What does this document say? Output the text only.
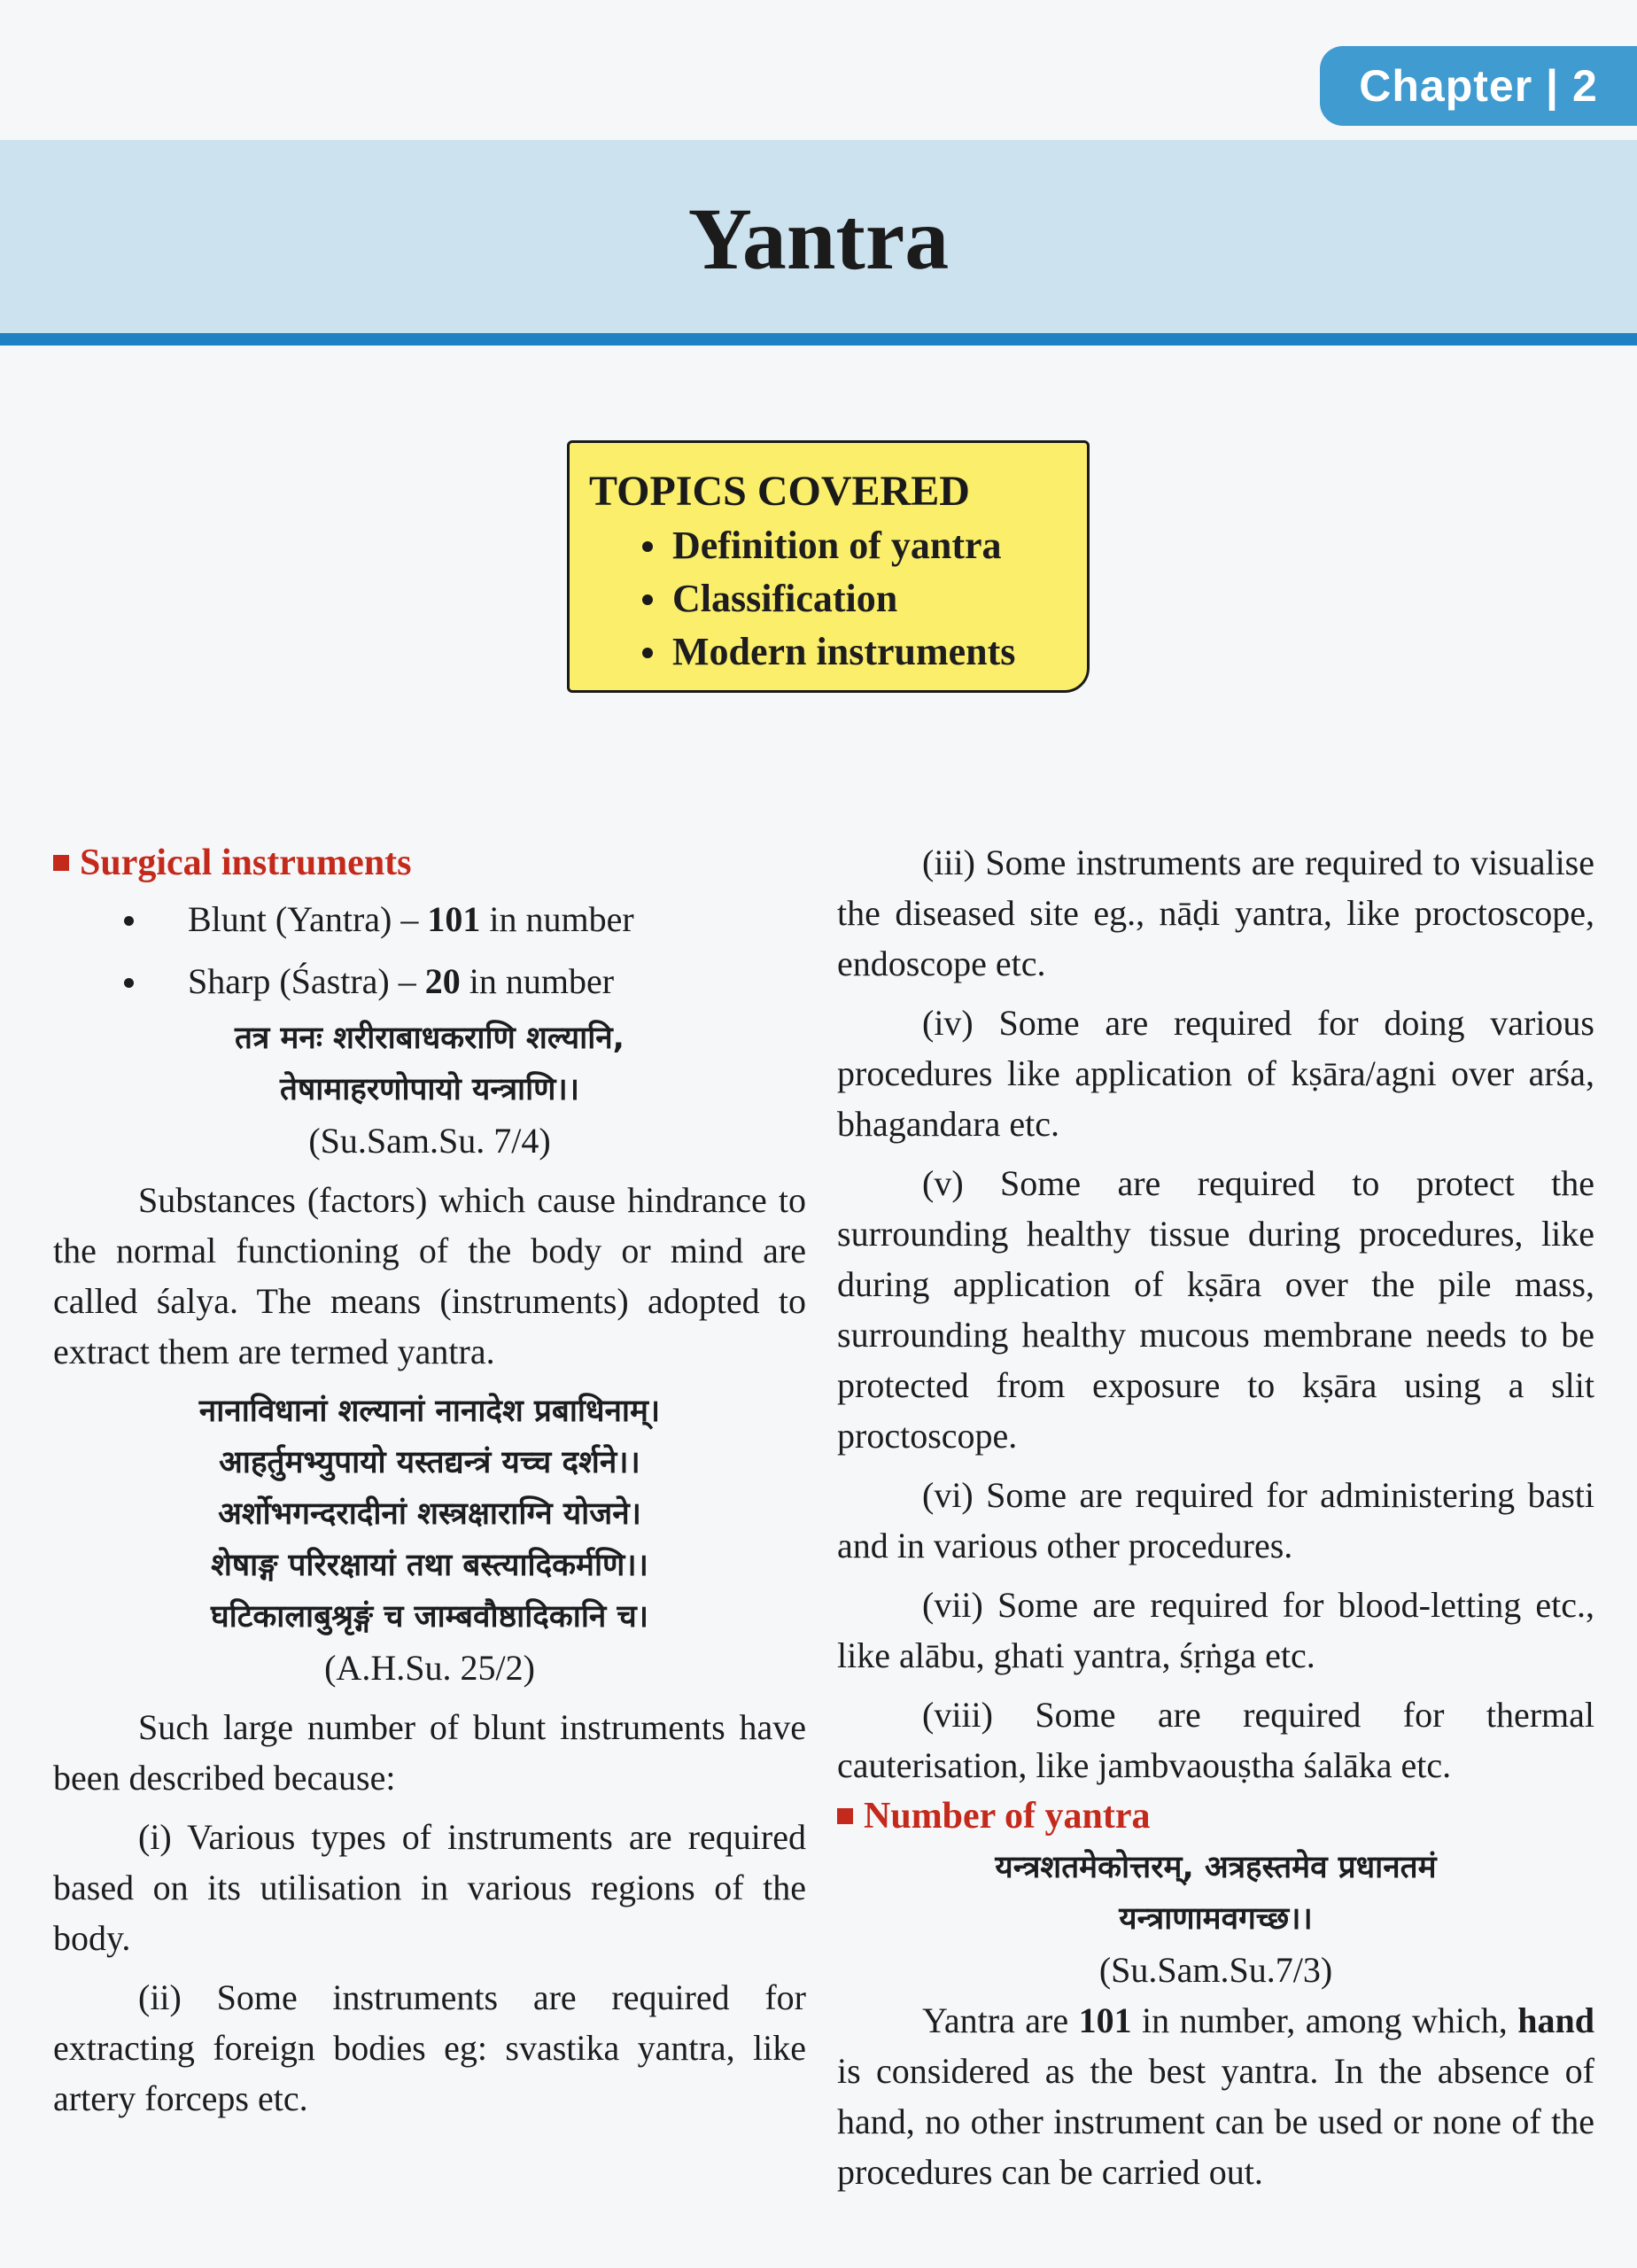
Chapter | 2
Yantra
TOPICS COVERED
Definition of yantra
Classification
Modern instruments

Surgical instruments

Blunt (Yantra) – 101 in number

Sharp (Śastra) – 20 in number

तत्र मनः शरीराबाधकराणि शल्यानि,

तेषामाहरणोपायो यन्त्राणि।।

(Su.Sam.Su. 7/4)

Substances (factors) which cause hindrance to the normal functioning of the body or mind are called śalya. The means (instruments) adopted to extract them are termed yantra.

नानाविधानां शल्यानां नानादेश प्रबाधिनाम्।

आहर्तुमभ्युपायो यस्तद्यन्त्रं यच्च दर्शने।।

अर्शोभगन्दरादीनां शस्त्रक्षाराग्नि योजने।

शेषाङ्ग परिरक्षायां तथा बस्त्यादिकर्मणि।।

घटिकालाबुश्रृङ्गं च जाम्बवौष्ठादिकानि च।

(A.H.Su. 25/2)

Such large number of blunt instruments have been described because:

(i) Various types of instruments are required based on its utilisation in various regions of the body.

(ii) Some instruments are required for extracting foreign bodies eg: svastika yantra, like artery forceps etc.

(iii) Some instruments are required to visualise the diseased site eg., nāḍi yantra, like proctoscope, endoscope etc.

(iv) Some are required for doing various procedures like application of kṣāra/agni over arśa, bhagandara etc.

(v) Some are required to protect the surrounding healthy tissue during procedures, like during application of kṣāra over the pile mass, surrounding healthy mucous membrane needs to be protected from exposure to kṣāra using a slit proctoscope.

(vi) Some are required for administering basti and in various other procedures.

(vii) Some are required for blood-letting etc., like alābu, ghati yantra, śṛṅga etc.

(viii) Some are required for thermal cauterisation, like jambvaouṣtha śalāka etc.

Number of yantra

यन्त्रशतमेकोत्तरम्, अत्रहस्तमेव प्रधानतमं

यन्त्राणामवगच्छ।।

(Su.Sam.Su.7/3)

Yantra are 101 in number, among which, hand is considered as the best yantra. In the absence of hand, no other instrument can be used or none of the procedures can be carried out.
